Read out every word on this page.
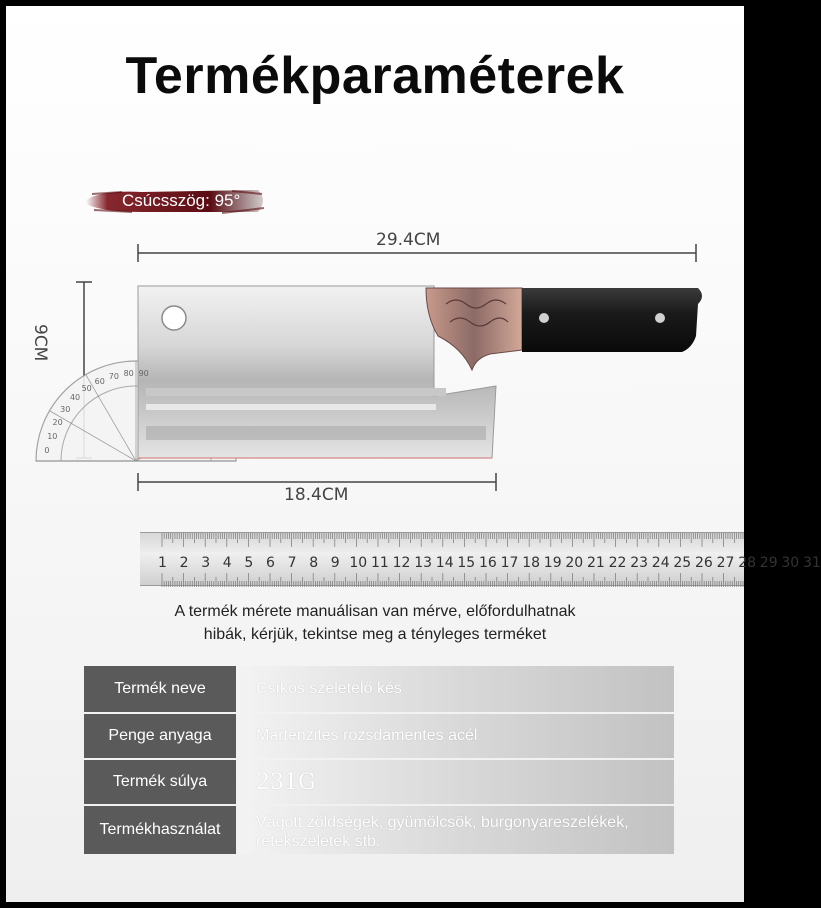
Termékparaméterek
Csúcsszög: 95°
29.4CM
9CM
18.4CM
1 2 3 4 5 6 7 8 9 10 11 12 13 14 15 16 17 18 19 20 21 22 23 24 25 26 27 28 29 30 31
A termék mérete manuálisan van mérve, előfordulhatnak
hibák, kérjük, tekintse meg a tényleges terméket
Termék neve	Csíkos szeletelő kés
Penge anyaga	Martenzites rozsdamentes acél
Termék súlya	231G
Termékhasználat	Vágott zöldségek, gyümölcsök, burgonyareszelékek,
retekszeletek stb.
0
10
20
30
40
50
60
70 80 90
